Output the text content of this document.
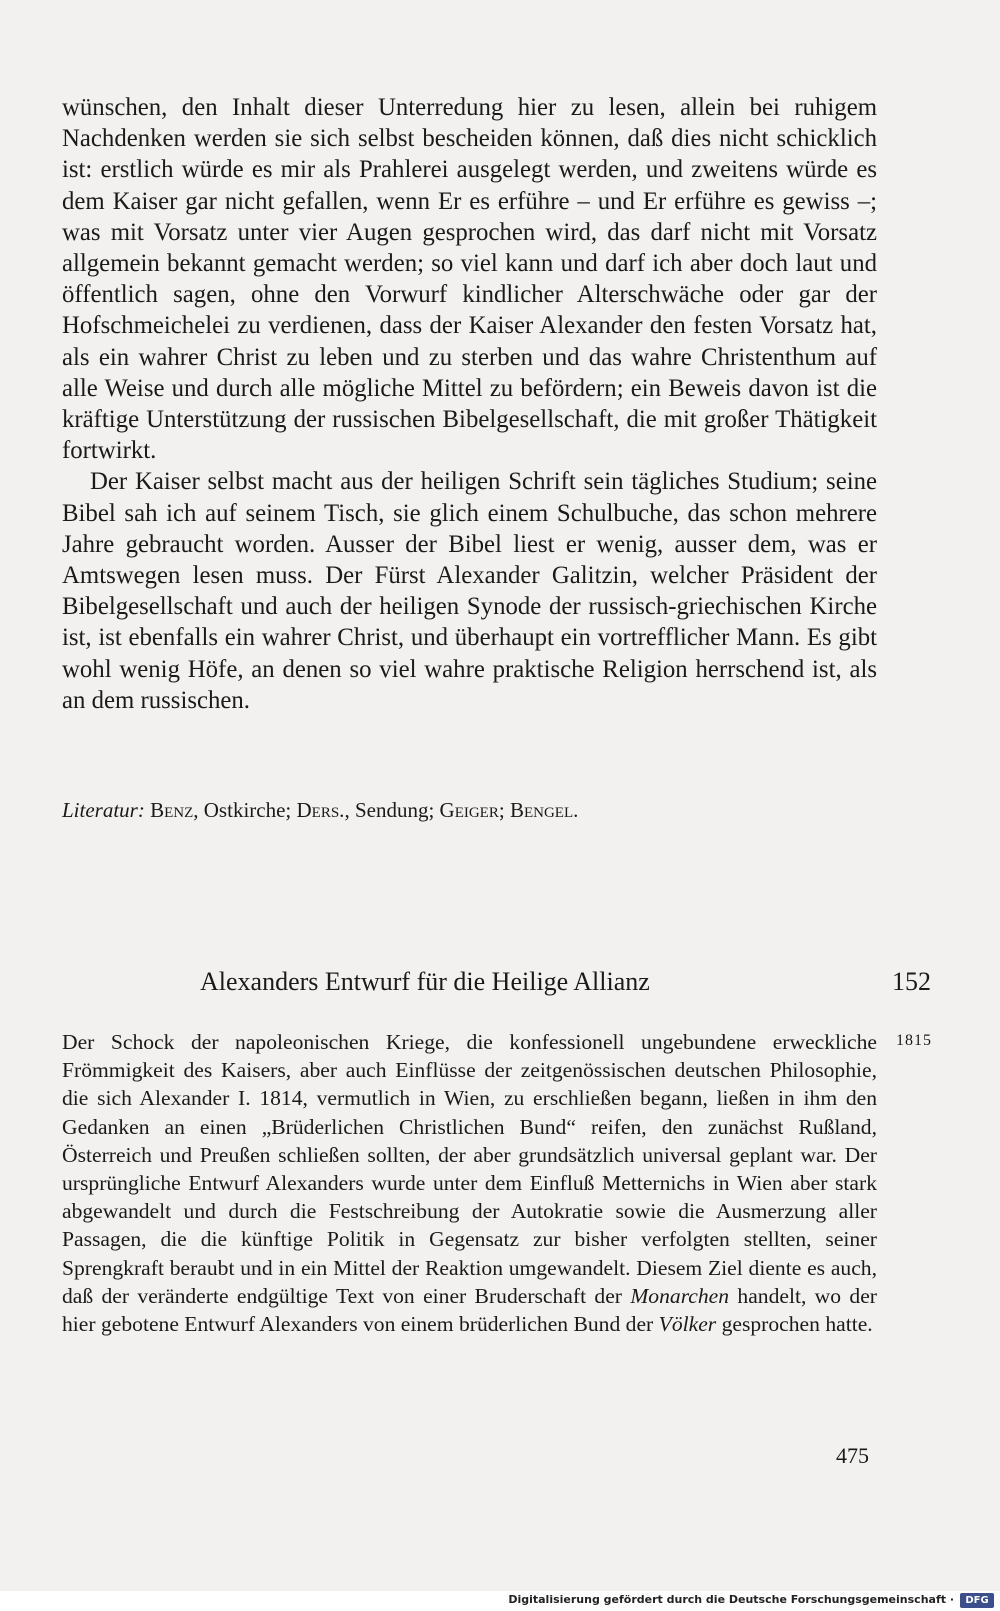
wünschen, den Inhalt dieser Unterredung hier zu lesen, allein bei ruhigem Nachdenken werden sie sich selbst bescheiden können, daß dies nicht schicklich ist: erstlich würde es mir als Prahlerei ausgelegt werden, und zweitens würde es dem Kaiser gar nicht gefallen, wenn Er es erführe – und Er erführe es gewiss –; was mit Vorsatz unter vier Augen gesprochen wird, das darf nicht mit Vorsatz allgemein bekannt gemacht werden; so viel kann und darf ich aber doch laut und öffentlich sagen, ohne den Vorwurf kindlicher Alterschwäche oder gar der Hofschmeichelei zu verdienen, dass der Kaiser Alexander den festen Vorsatz hat, als ein wahrer Christ zu leben und zu sterben und das wahre Christenthum auf alle Weise und durch alle mögliche Mittel zu befördern; ein Beweis davon ist die kräftige Unterstützung der russischen Bibelgesellschaft, die mit großer Thätigkeit fortwirkt.

Der Kaiser selbst macht aus der heiligen Schrift sein tägliches Studium; seine Bibel sah ich auf seinem Tisch, sie glich einem Schulbuche, das schon mehrere Jahre gebraucht worden. Ausser der Bibel liest er wenig, ausser dem, was er Amtswegen lesen muss. Der Fürst Alexander Galitzin, welcher Präsident der Bibelgesellschaft und auch der heiligen Synode der russisch-griechischen Kirche ist, ist ebenfalls ein wahrer Christ, und überhaupt ein vortrefflicher Mann. Es gibt wohl wenig Höfe, an denen so viel wahre praktische Religion herrschend ist, als an dem russischen.

Literatur: Benz, Ostkirche; Ders., Sendung; Geiger; Bengel.
Alexanders Entwurf für die Heilige Allianz	152
1815

Der Schock der napoleonischen Kriege, die konfessionell ungebundene erweckliche Frömmigkeit des Kaisers, aber auch Einflüsse der zeitgenössischen deutschen Philosophie, die sich Alexander I. 1814, vermutlich in Wien, zu erschließen begann, ließen in ihm den Gedanken an einen „Brüderlichen Christlichen Bund“ reifen, den zunächst Rußland, Österreich und Preußen schließen sollten, der aber grundsätzlich universal geplant war. Der ursprüngliche Entwurf Alexanders wurde unter dem Einfluß Metternichs in Wien aber stark abgewandelt und durch die Festschreibung der Autokratie sowie die Ausmerzung aller Passagen, die die künftige Politik in Gegensatz zur bisher verfolgten stellten, seiner Sprengkraft beraubt und in ein Mittel der Reaktion umgewandelt. Diesem Ziel diente es auch, daß der veränderte endgültige Text von einer Bruderschaft der Monarchen handelt, wo der hier gebotene Entwurf Alexanders von einem brüderlichen Bund der Völker gesprochen hatte.

475
Digitalisierung gefördert durch die Deutsche Forschungsgemeinschaft ·	DFG
